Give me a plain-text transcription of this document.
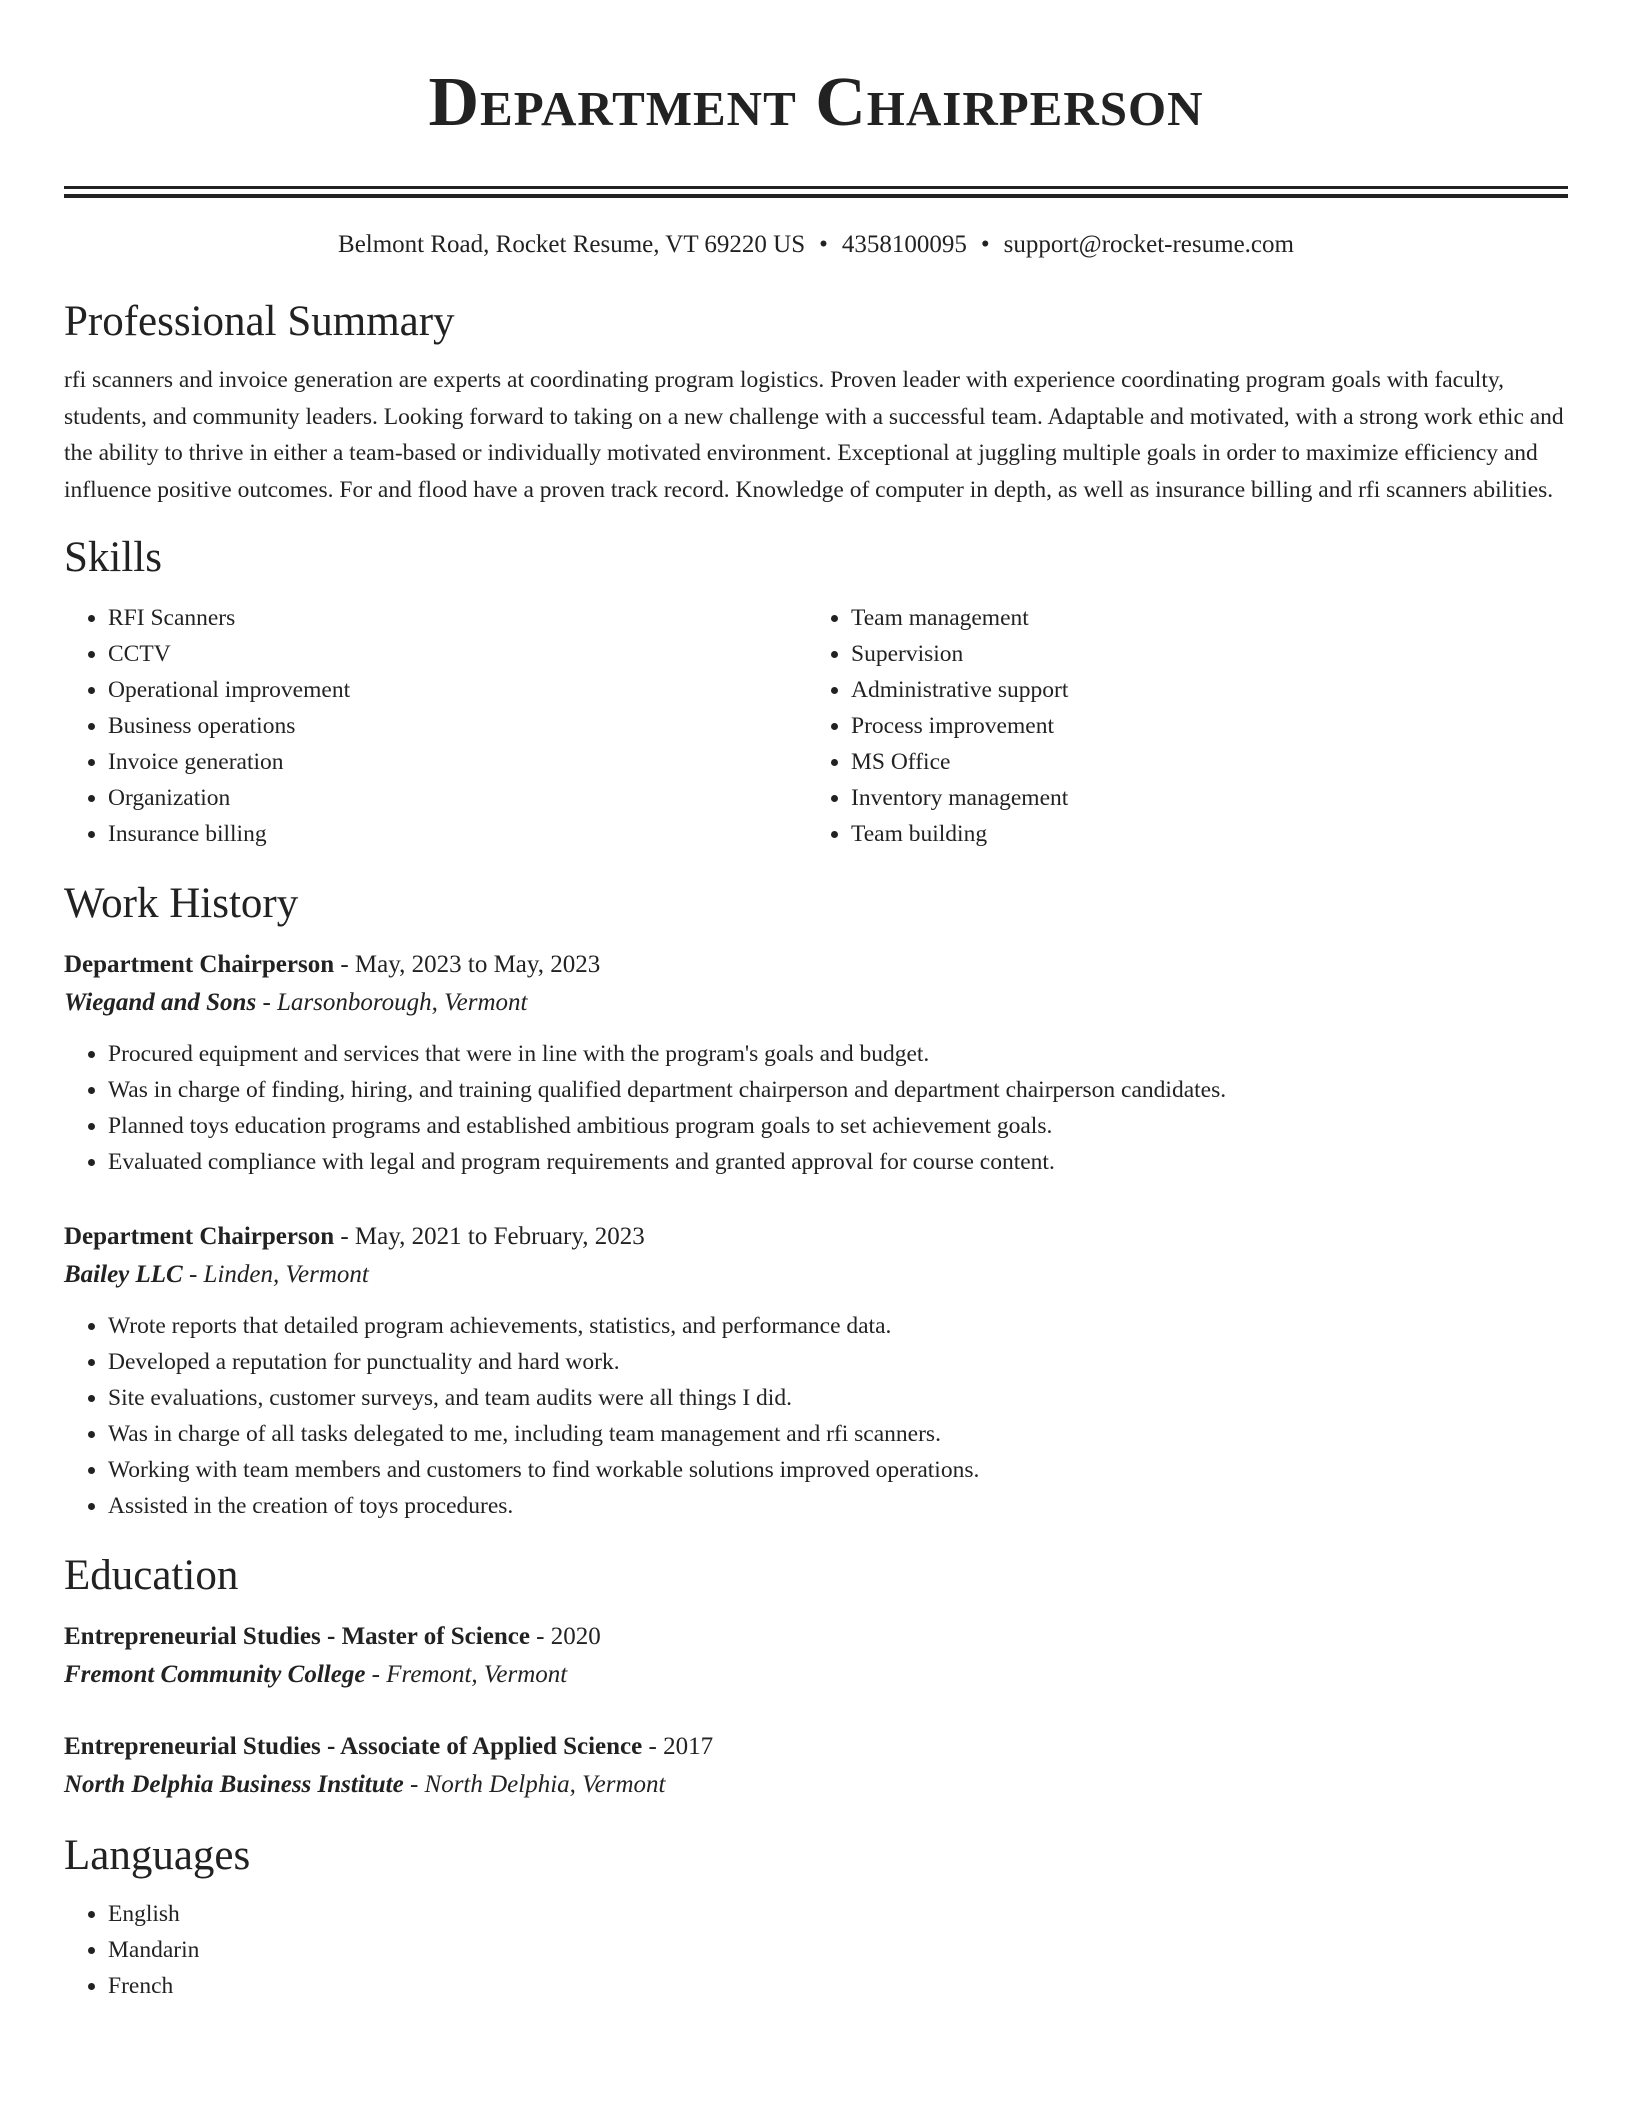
Department Chairperson
Belmont Road, Rocket Resume, VT 69220 US • 4358100095 • support@rocket-resume.com
Professional Summary

rfi scanners and invoice generation are experts at coordinating program logistics. Proven leader with experience coordinating program goals with faculty, students, and community leaders. Looking forward to taking on a new challenge with a successful team. Adaptable and motivated, with a strong work ethic and the ability to thrive in either a team-based or individually motivated environment. Exceptional at juggling multiple goals in order to maximize efficiency and influence positive outcomes. For and flood have a proven track record. Knowledge of computer in depth, as well as insurance billing and rfi scanners abilities.

Skills
• RFI Scanners
• CCTV
• Operational improvement
• Business operations
• Invoice generation
• Organization
• Insurance billing
• Team management
• Supervision
• Administrative support
• Process improvement
• MS Office
• Inventory management
• Team building
Work History
Department Chairperson - May, 2023 to May, 2023
Wiegand and Sons - Larsonborough, Vermont
• Procured equipment and services that were in line with the program's goals and budget.
• Was in charge of finding, hiring, and training qualified department chairperson and department chairperson candidates.
• Planned toys education programs and established ambitious program goals to set achievement goals.
• Evaluated compliance with legal and program requirements and granted approval for course content.
Department Chairperson - May, 2021 to February, 2023
Bailey LLC - Linden, Vermont
• Wrote reports that detailed program achievements, statistics, and performance data.
• Developed a reputation for punctuality and hard work.
• Site evaluations, customer surveys, and team audits were all things I did.
• Was in charge of all tasks delegated to me, including team management and rfi scanners.
• Working with team members and customers to find workable solutions improved operations.
• Assisted in the creation of toys procedures.
Education
Entrepreneurial Studies - Master of Science - 2020
Fremont Community College - Fremont, Vermont
Entrepreneurial Studies - Associate of Applied Science - 2017
North Delphia Business Institute - North Delphia, Vermont
Languages
• English
• Mandarin
• French
